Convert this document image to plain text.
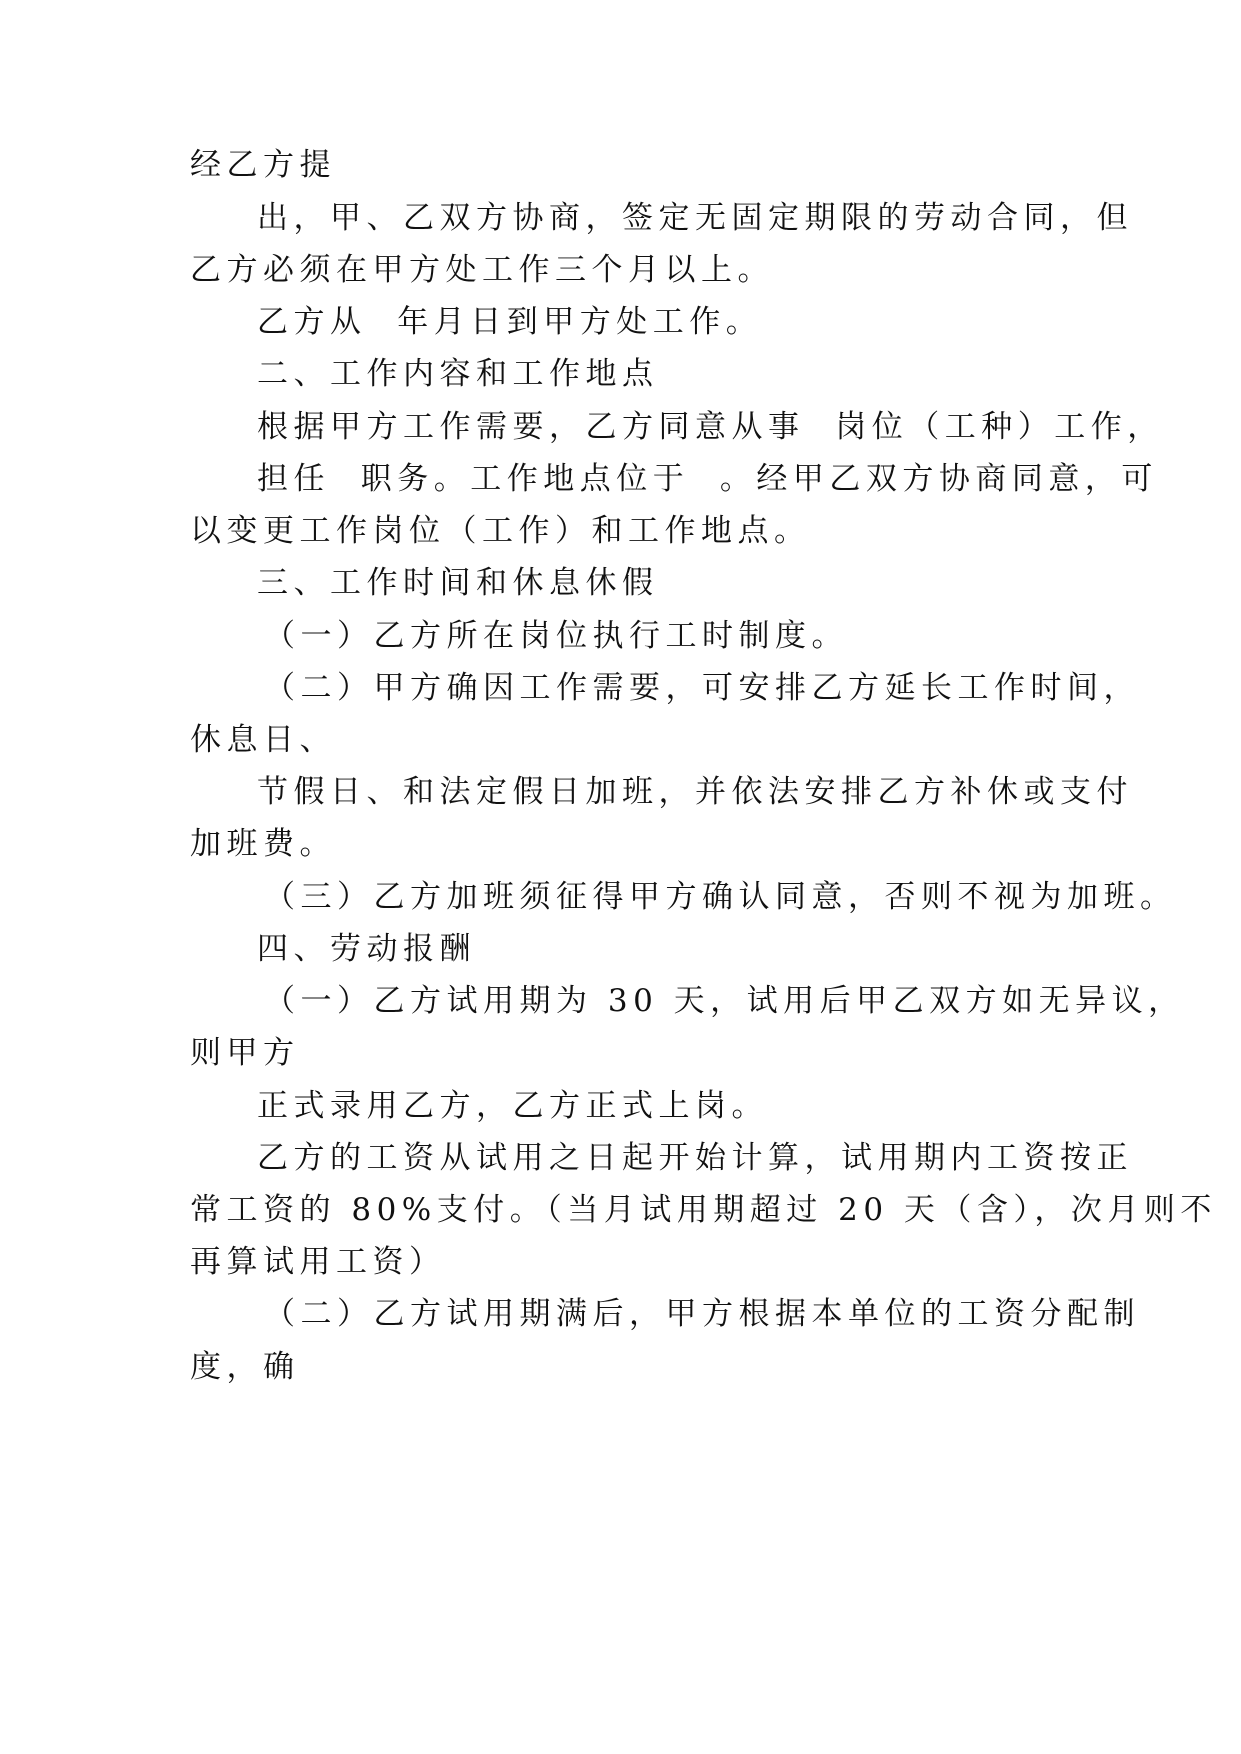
经乙方提

出，甲、乙双方协商，签定无固定期限的劳动合同，但

乙方必须在甲方处工作三个月以上。

乙方从  年月日到甲方处工作。

二、工作内容和工作地点

根据甲方工作需要，乙方同意从事  岗位（工种）工作，

担任  职务。工作地点位于  。经甲乙双方协商同意，可

以变更工作岗位（工作）和工作地点。

三、工作时间和休息休假

（一）乙方所在岗位执行工时制度。

（二）甲方确因工作需要，可安排乙方延长工作时间，

休息日、

节假日、和法定假日加班，并依法安排乙方补休或支付

加班费。

（三）乙方加班须征得甲方确认同意，否则不视为加班。

四、劳动报酬

（一）乙方试用期为 30 天，试用后甲乙双方如无异议，

则甲方

正式录用乙方，乙方正式上岗。

乙方的工资从试用之日起开始计算，试用期内工资按正

常工资的 80%支付。（当月试用期超过 20 天（含），次月则不

再算试用工资）

（二）乙方试用期满后，甲方根据本单位的工资分配制

度，确
